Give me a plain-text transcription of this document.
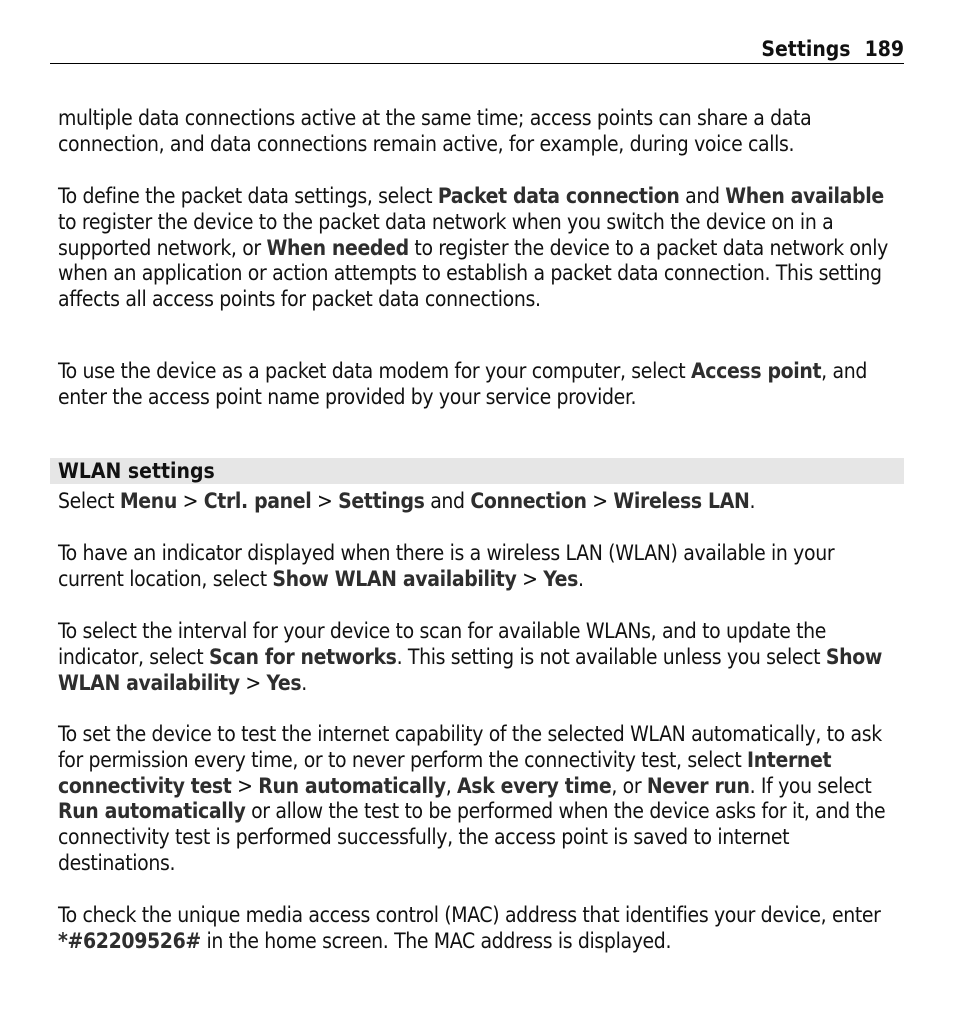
Settings 189

multiple data connections active at the same time; access points can share a data
connection, and data connections remain active, for example, during voice calls.

To define the packet data settings, select Packet data connection and When available to register the device to the packet data network when you switch the device on in a supported network, or When needed to register the device to a packet data network only when an application or action attempts to establish a packet data connection. This setting affects all access points for packet data connections.

To use the device as a packet data modem for your computer, select Access point, and enter the access point name provided by your service provider.

WLAN settings

Select Menu > Ctrl. panel > Settings and Connection > Wireless LAN.

To have an indicator displayed when there is a wireless LAN (WLAN) available in your current location, select Show WLAN availability > Yes.

To select the interval for your device to scan for available WLANs, and to update the indicator, select Scan for networks. This setting is not available unless you select Show WLAN availability > Yes.

To set the device to test the internet capability of the selected WLAN automatically, to ask for permission every time, or to never perform the connectivity test, select Internet connectivity test > Run automatically, Ask every time, or Never run. If you select Run automatically or allow the test to be performed when the device asks for it, and the connectivity test is performed successfully, the access point is saved to internet destinations.

To check the unique media access control (MAC) address that identifies your device, enter *#62209526# in the home screen. The MAC address is displayed.
